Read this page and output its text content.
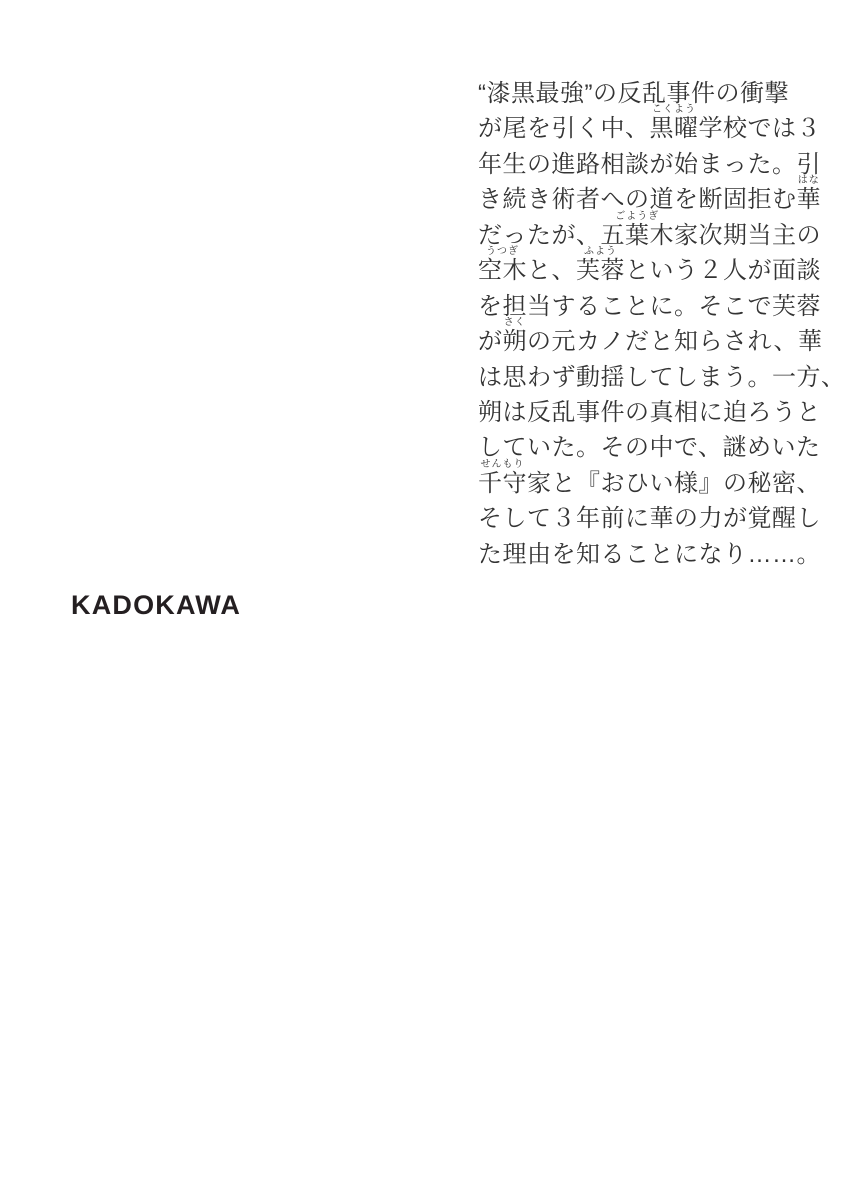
“漆黒最強”の反乱事件の衝撃
が尾を引く中、黒曜
こくよう
学校では３
年生の進路相談が始まった。引
き続き術者への道を断固拒む華
はな
だったが、五葉木
ごようぎ
家次期当主の
空木
うつぎ
と、芙蓉
ふよう
という２人が面談
を担当することに。そこで芙蓉
が朔
さく
の元カノだと知らされ、華
は思わず動揺してしまう。一方、
朔は反乱事件の真相に迫ろうと
していた。その中で、謎めいた
千守
せんもり
家と『おひい様』の秘密、
そして３年前に華の力が覚醒し
た理由を知ることになり……。
KADOKAWA
